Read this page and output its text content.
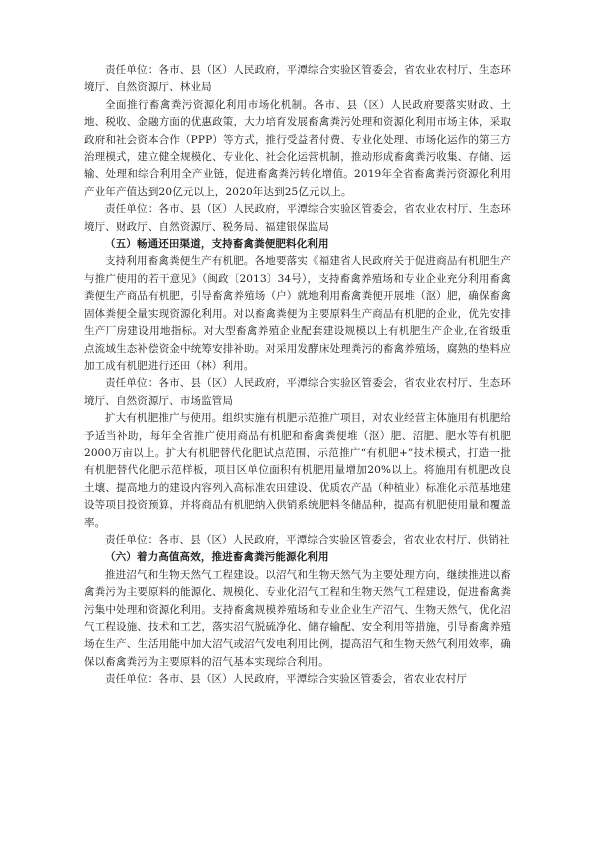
责任单位：各市、县（区）人民政府，平潭综合实验区管委会，省农业农村厅、生态环境厅、自然资源厅、林业局

全面推行畜禽粪污资源化利用市场化机制。各市、县（区）人民政府要落实财政、土地、税收、金融方面的优惠政策，大力培育发展畜禽粪污处理和资源化利用市场主体，采取政府和社会资本合作（PPP）等方式，推行受益者付费、专业化处理、市场化运作的第三方治理模式，建立健全规模化、专业化、社会化运营机制，推动形成畜禽粪污收集、存储、运输、处理和综合利用全产业链，促进畜禽粪污转化增值。2019年全省畜禽粪污资源化利用产业年产值达到20亿元以上，2020年达到25亿元以上。

责任单位：各市、县（区）人民政府，平潭综合实验区管委会，省农业农村厅、生态环境厅、财政厅、自然资源厅、税务局、福建银保监局

（五）畅通还田渠道，支持畜禽粪便肥料化利用

支持利用畜禽粪便生产有机肥。各地要落实《福建省人民政府关于促进商品有机肥生产与推广使用的若干意见》（闽政〔2013〕34号），支持畜禽养殖场和专业企业充分利用畜禽粪便生产商品有机肥，引导畜禽养殖场（户）就地利用畜禽粪便开展堆（沤）肥，确保畜禽固体粪便全量实现资源化利用。对以畜禽粪便为主要原料生产商品有机肥的企业，优先安排生产厂房建设用地指标。对大型畜禽养殖企业配套建设规模以上有机肥生产企业,在省级重点流域生态补偿资金中统筹安排补助。对采用发酵床处理粪污的畜禽养殖场，腐熟的垫料应加工成有机肥进行还田（林）利用。

责任单位：各市、县（区）人民政府，平潭综合实验区管委会，省农业农村厅、生态环境厅、自然资源厅、市场监管局

扩大有机肥推广与使用。组织实施有机肥示范推广项目，对农业经营主体施用有机肥给予适当补助，每年全省推广使用商品有机肥和畜禽粪便堆（沤）肥、沼肥、肥水等有机肥2000万亩以上。扩大有机肥替代化肥试点范围，示范推广“有机肥+”技术模式，打造一批有机肥替代化肥示范样板，项目区单位面积有机肥用量增加20%以上。将施用有机肥改良土壤、提高地力的建设内容列入高标准农田建设、优质农产品（种植业）标准化示范基地建设等项目投资预算，并将商品有机肥纳入供销系统肥料冬储品种，提高有机肥使用量和覆盖率。

责任单位：各市、县（区）人民政府，平潭综合实验区管委会，省农业农村厅、供销社

（六）着力高值高效，推进畜禽粪污能源化利用

推进沼气和生物天然气工程建设。以沼气和生物天然气为主要处理方向，继续推进以畜禽粪污为主要原料的能源化、规模化、专业化沼气工程和生物天然气工程建设，促进畜禽粪污集中处理和资源化利用。支持畜禽规模养殖场和专业企业生产沼气、生物天然气，优化沼气工程设施、技术和工艺，落实沼气脱硫净化、储存输配、安全利用等措施，引导畜禽养殖场在生产、生活用能中加大沼气或沼气发电利用比例，提高沼气和生物天然气利用效率，确保以畜禽粪污为主要原料的沼气基本实现综合利用。

责任单位：各市、县（区）人民政府，平潭综合实验区管委会，省农业农村厅
